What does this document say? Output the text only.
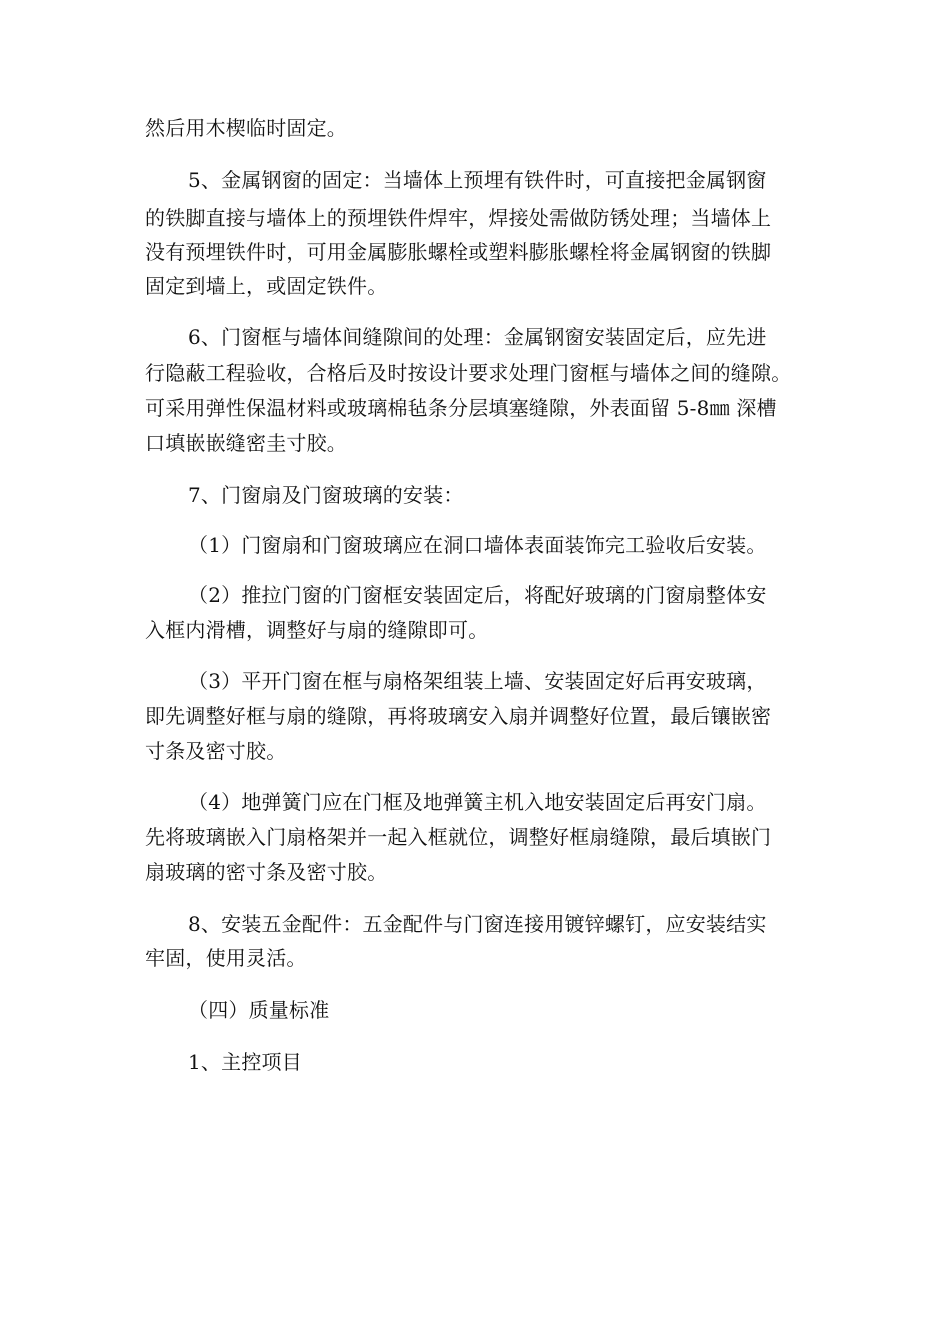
然后用木楔临时固定。
5、金属钢窗的固定：当墙体上预埋有铁件时，可直接把金属钢窗
的铁脚直接与墙体上的预埋铁件焊牢，焊接处需做防锈处理；当墙体上
没有预埋铁件时，可用金属膨胀螺栓或塑料膨胀螺栓将金属钢窗的铁脚
固定到墙上，或固定铁件。
6、门窗框与墙体间缝隙间的处理：金属钢窗安装固定后，应先进
行隐蔽工程验收，合格后及时按设计要求处理门窗框与墙体之间的缝隙。
可采用弹性保温材料或玻璃棉毡条分层填塞缝隙，外表面留 5-8㎜ 深槽
口填嵌嵌缝密圭寸胶。
7、门窗扇及门窗玻璃的安装：
（1）门窗扇和门窗玻璃应在洞口墙体表面装饰完工验收后安装。
（2）推拉门窗的门窗框安装固定后，将配好玻璃的门窗扇整体安
入框内滑槽，调整好与扇的缝隙即可。
（3）平开门窗在框与扇格架组装上墙、安装固定好后再安玻璃，
即先调整好框与扇的缝隙，再将玻璃安入扇并调整好位置，最后镶嵌密
寸条及密寸胶。
（4）地弹簧门应在门框及地弹簧主机入地安装固定后再安门扇。
先将玻璃嵌入门扇格架并一起入框就位，调整好框扇缝隙，最后填嵌门
扇玻璃的密寸条及密寸胶。
8、安装五金配件：五金配件与门窗连接用镀锌螺钉，应安装结实
牢固，使用灵活。
（四）质量标准
1、主控项目
